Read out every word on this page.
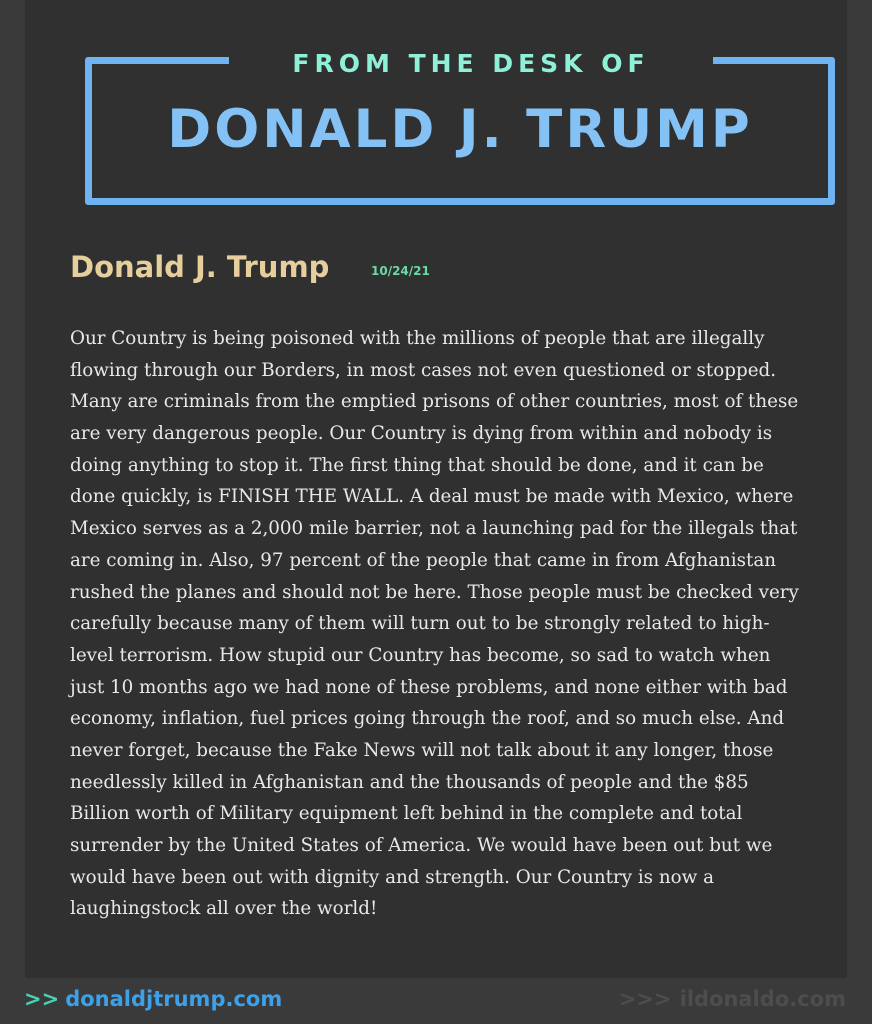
FROM THE DESK OF
DONALD J. TRUMP
Donald J. Trump	10/24/21
Our Country is being poisoned with the millions of people that are illegally
flowing through our Borders, in most cases not even questioned or stopped.
Many are criminals from the emptied prisons of other countries, most of these
are very dangerous people. Our Country is dying from within and nobody is
doing anything to stop it. The first thing that should be done, and it can be
done quickly, is FINISH THE WALL. A deal must be made with Mexico, where
Mexico serves as a 2,000 mile barrier, not a launching pad for the illegals that
are coming in. Also, 97 percent of the people that came in from Afghanistan
rushed the planes and should not be here. Those people must be checked very
carefully because many of them will turn out to be strongly related to high-
level terrorism. How stupid our Country has become, so sad to watch when
just 10 months ago we had none of these problems, and none either with bad
economy, inflation, fuel prices going through the roof, and so much else. And
never forget, because the Fake News will not talk about it any longer, those
needlessly killed in Afghanistan and the thousands of people and the $85
Billion worth of Military equipment left behind in the complete and total
surrender by the United States of America. We would have been out but we
would have been out with dignity and strength. Our Country is now a
laughingstock all over the world!
>> donaldjtrump.com	>>> ildonaldo.com
